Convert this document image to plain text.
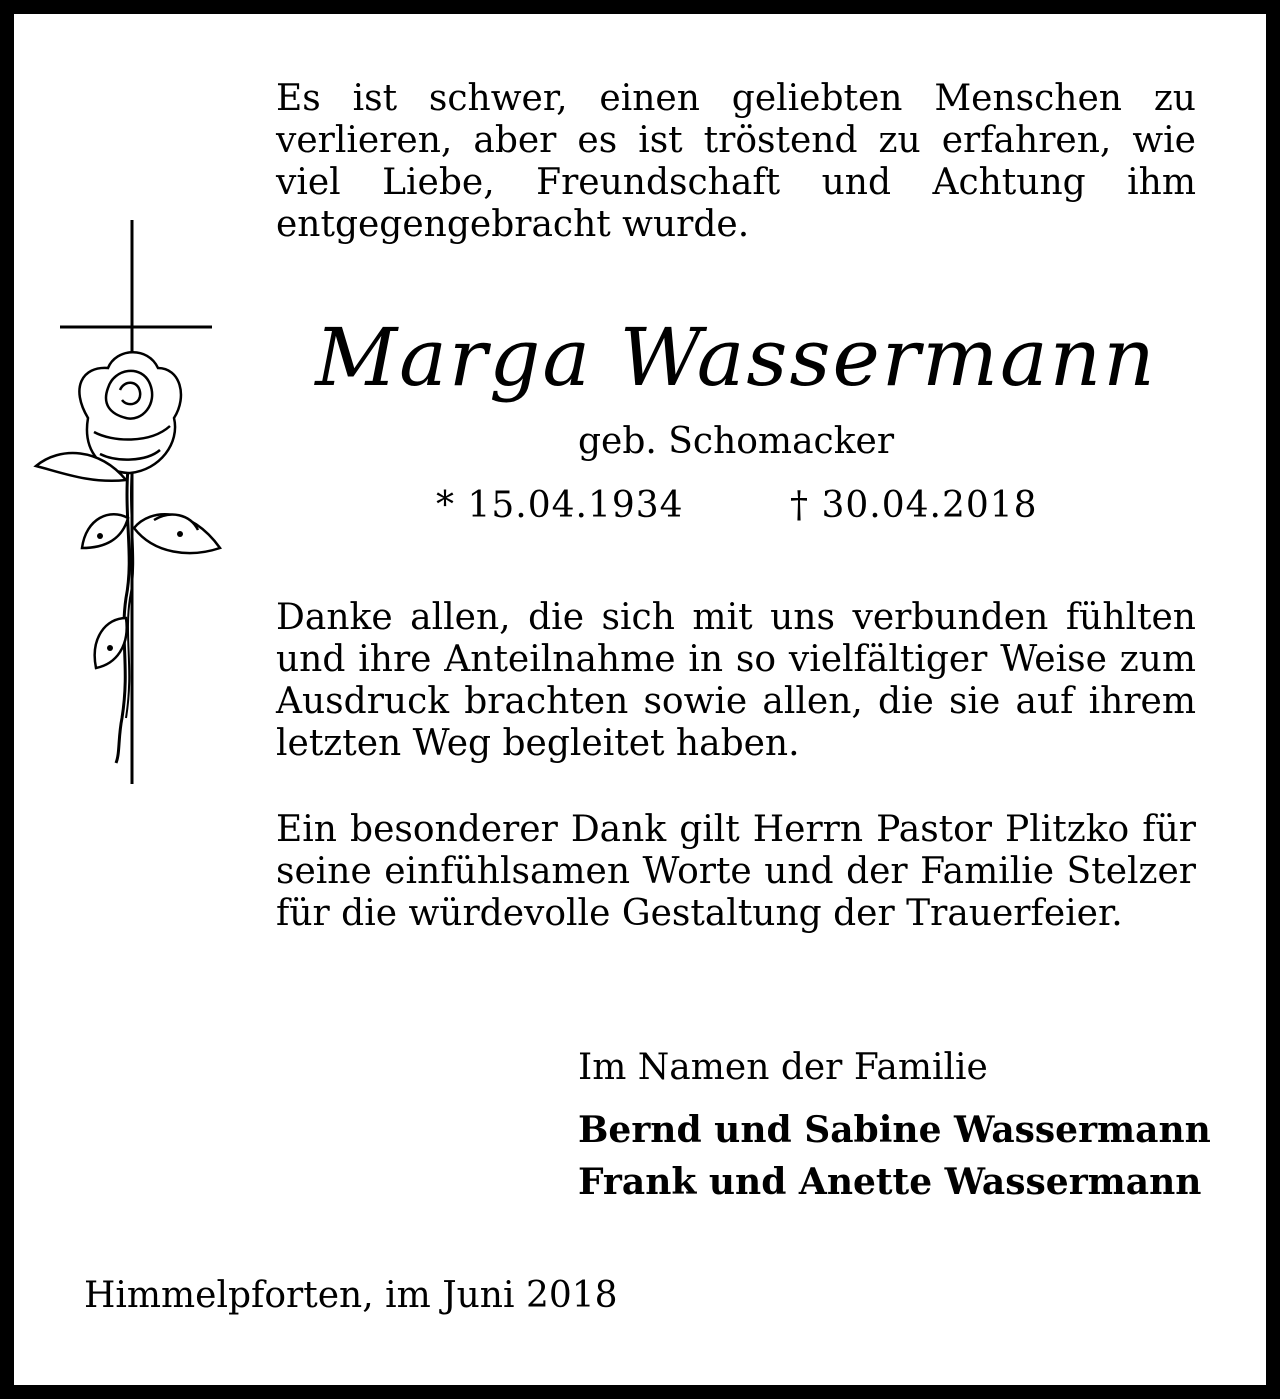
Es ist schwer, einen geliebten Menschen zu verlieren, aber es ist tröstend zu erfahren, wie viel Liebe, Freundschaft und Achtung ihm entgegengebracht wurde.

Marga Wassermann
geb. Schomacker
* 15.04.1934	† 30.04.2018

Danke allen, die sich mit uns verbunden fühlten und ihre Anteilnahme in so vielfältiger Weise zum Ausdruck brachten sowie allen, die sie auf ihrem letzten Weg begleitet haben.

Ein besonderer Dank gilt Herrn Pastor Plitzko für seine einfühlsamen Worte und der Familie Stelzer für die würdevolle Gestaltung der Trauerfeier.

Im Namen der Familie
Bernd und Sabine Wassermann
Frank und Anette Wassermann
Himmelpforten, im Juni 2018
